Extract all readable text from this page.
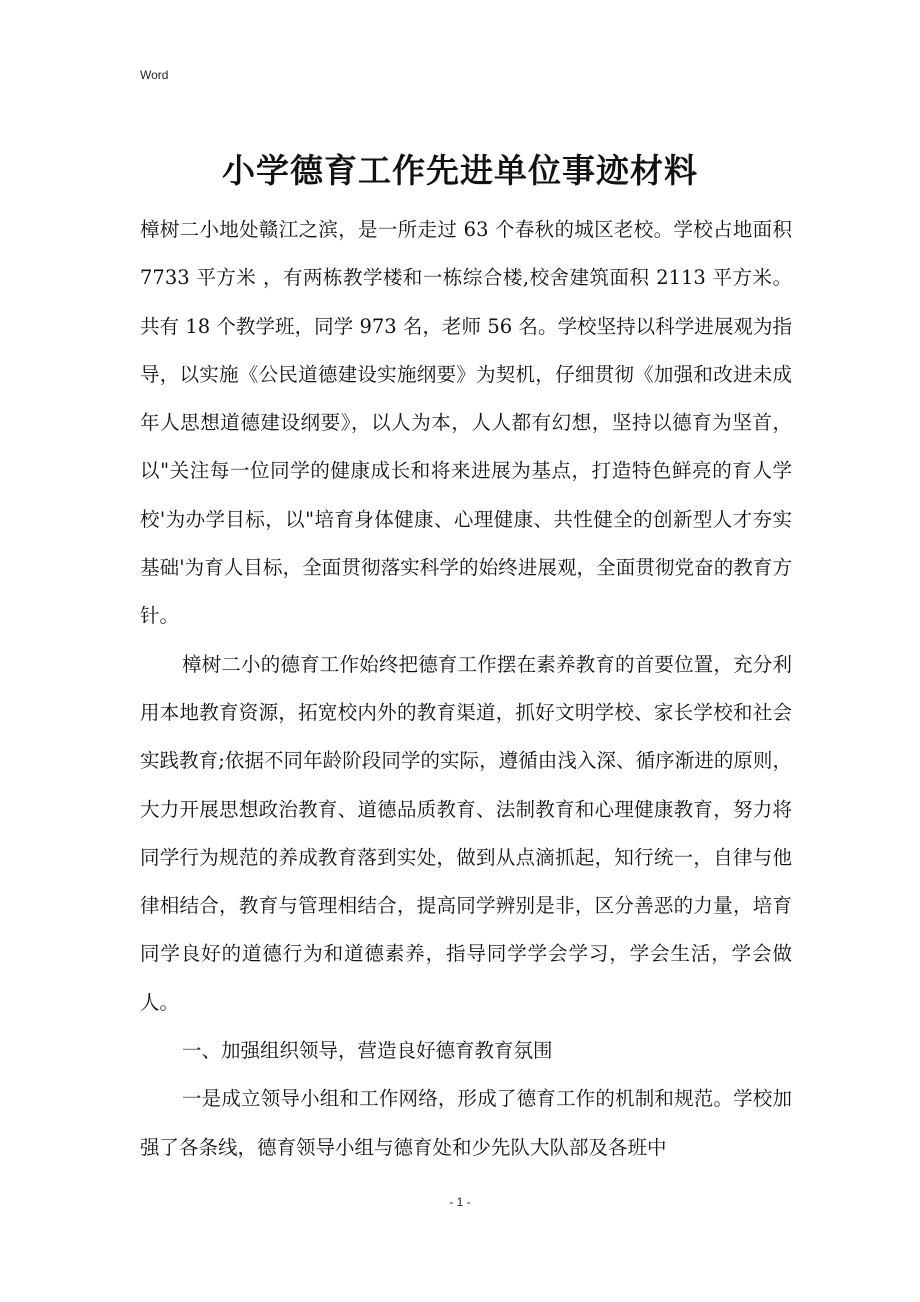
Word
小学德育工作先进单位事迹材料

樟树二小地处赣江之滨，是一所走过 63 个春秋的城区老校。学校占地面积 7733 平方米 ，有两栋教学楼和一栋综合楼,校舍建筑面积 2113 平方米。共有 18 个教学班，同学 973 名，老师 56 名。学校坚持以科学进展观为指导，以实施《公民道德建设实施纲要》为契机，仔细贯彻《加强和改进未成年人思想道德建设纲要》，以人为本，人人都有幻想，坚持以德育为坚首，以"关注每一位同学的健康成长和将来进展为基点，打造特色鲜亮的育人学校'为办学目标，以"培育身体健康、心理健康、共性健全的创新型人才夯实基础'为育人目标，全面贯彻落实科学的始终进展观，全面贯彻党奋的教育方针。

樟树二小的德育工作始终把德育工作摆在素养教育的首要位置，充分利用本地教育资源，拓宽校内外的教育渠道，抓好文明学校、家长学校和社会实践教育;依据不同年龄阶段同学的实际，遵循由浅入深、循序渐进的原则，大力开展思想政治教育、道德品质教育、法制教育和心理健康教育，努力将同学行为规范的养成教育落到实处，做到从点滴抓起，知行统一，自律与他律相结合，教育与管理相结合，提高同学辨别是非，区分善恶的力量，培育同学良好的道德行为和道德素养，指导同学学会学习，学会生活，学会做人。

一、加强组织领导，营造良好德育教育氛围

一是成立领导小组和工作网络，形成了德育工作的机制和规范。学校加强了各条线，德育领导小组与德育处和少先队大队部及各班中

- 1 -
